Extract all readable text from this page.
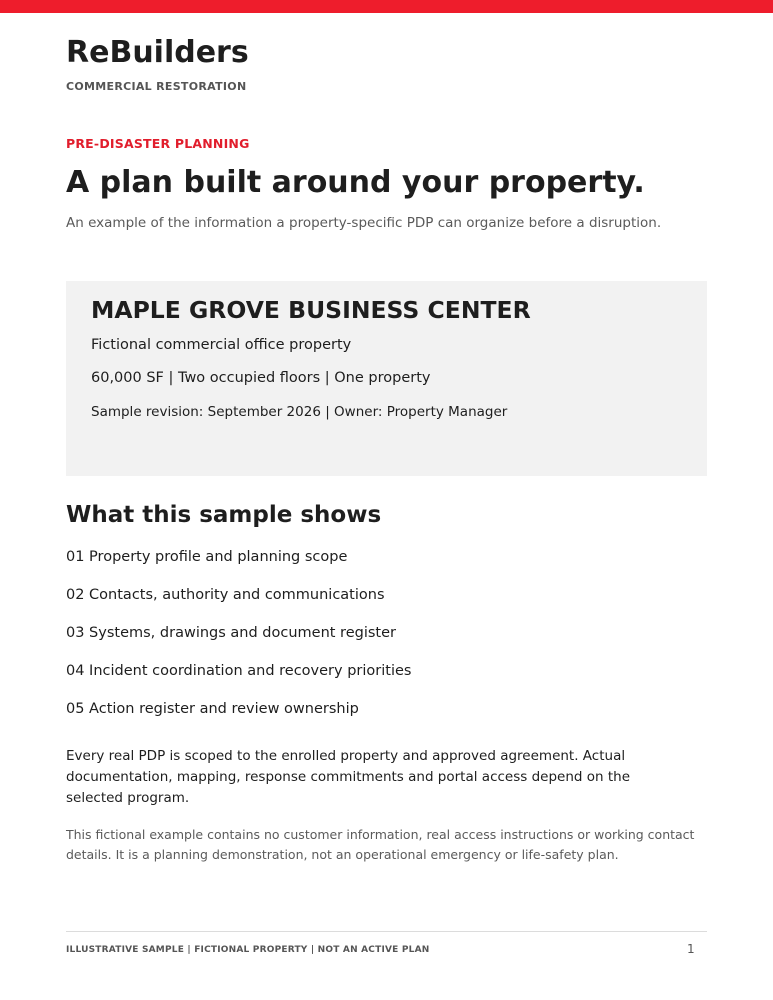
ReBuilders
COMMERCIAL RESTORATION
PRE-DISASTER PLANNING
A plan built around your property.
An example of the information a property-specific PDP can organize before a disruption.
MAPLE GROVE BUSINESS CENTER
Fictional commercial office property
60,000 SF | Two occupied floors | One property
Sample revision: September 2026 | Owner: Property Manager
What this sample shows
01 Property profile and planning scope
02 Contacts, authority and communications
03 Systems, drawings and document register
04 Incident coordination and recovery priorities
05 Action register and review ownership
Every real PDP is scoped to the enrolled property and approved agreement. Actual documentation, mapping, response commitments and portal access depend on the selected program.
This fictional example contains no customer information, real access instructions or working contact details. It is a planning demonstration, not an operational emergency or life-safety plan.
ILLUSTRATIVE SAMPLE | FICTIONAL PROPERTY | NOT AN ACTIVE PLAN	1
